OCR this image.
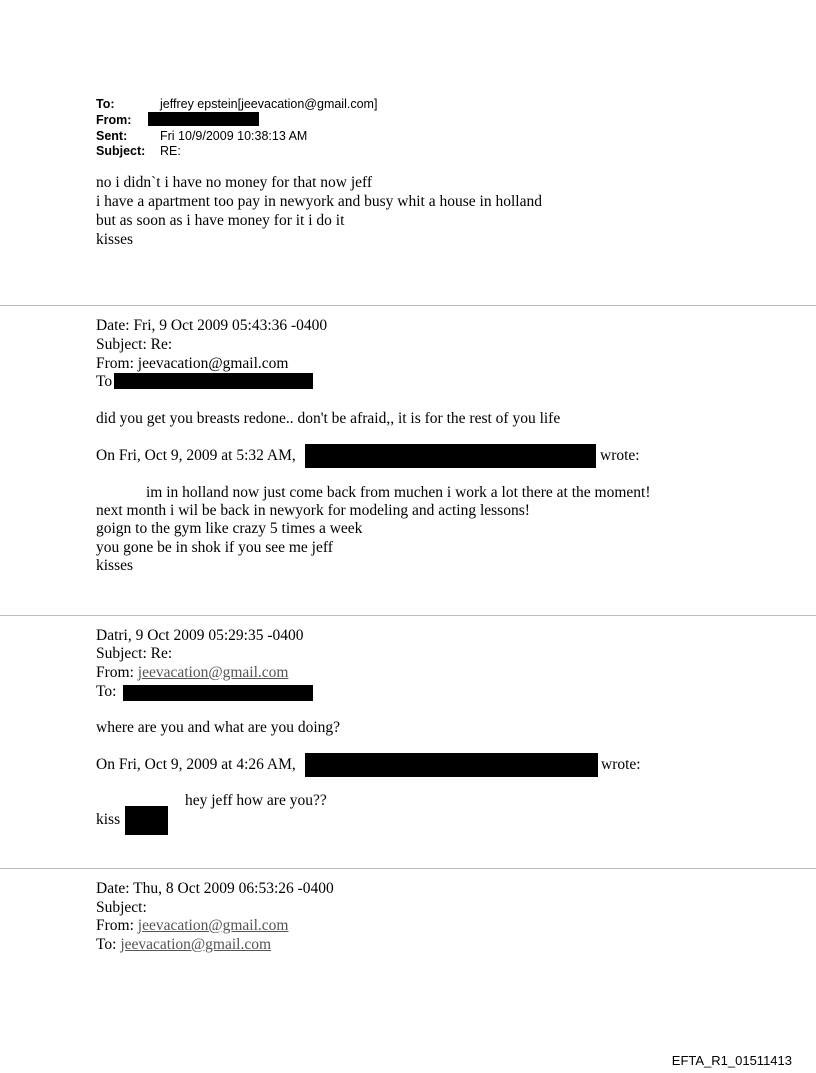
To:	jeffrey epstein[jeevacation@gmail.com]
From:
Sent:	Fri 10/9/2009 10:38:13 AM
Subject: RE:
no i didn`t i have no money for that now jeff
i have a apartment too pay in newyork and busy whit a house in holland
but as soon as i have money for it i do it
kisses
Date: Fri, 9 Oct 2009 05:43:36 -0400
Subject: Re:
From: jeevacation@gmail.com
To
did you get you breasts redone.. don't be afraid,, it is for the rest of you life
On Fri, Oct 9, 2009 at 5:32 AM,	wrote:
im in holland now just come back from muchen i work a lot there at the moment!
next month i wil be back in newyork for modeling and acting lessons!
goign to the gym like crazy 5 times a week
you gone be in shok if you see me jeff
kisses
Datri, 9 Oct 2009 05:29:35 -0400
Subject: Re:
From: jeevacation@gmail.com
To:
where are you and what are you doing?
On Fri, Oct 9, 2009 at 4:26 AM,	wrote:
hey jeff how are you??
kiss
Date: Thu, 8 Oct 2009 06:53:26 -0400
Subject:
From: jeevacation@gmail.com
To: jeevacation@gmail.com
EFTA_R1_01511413
